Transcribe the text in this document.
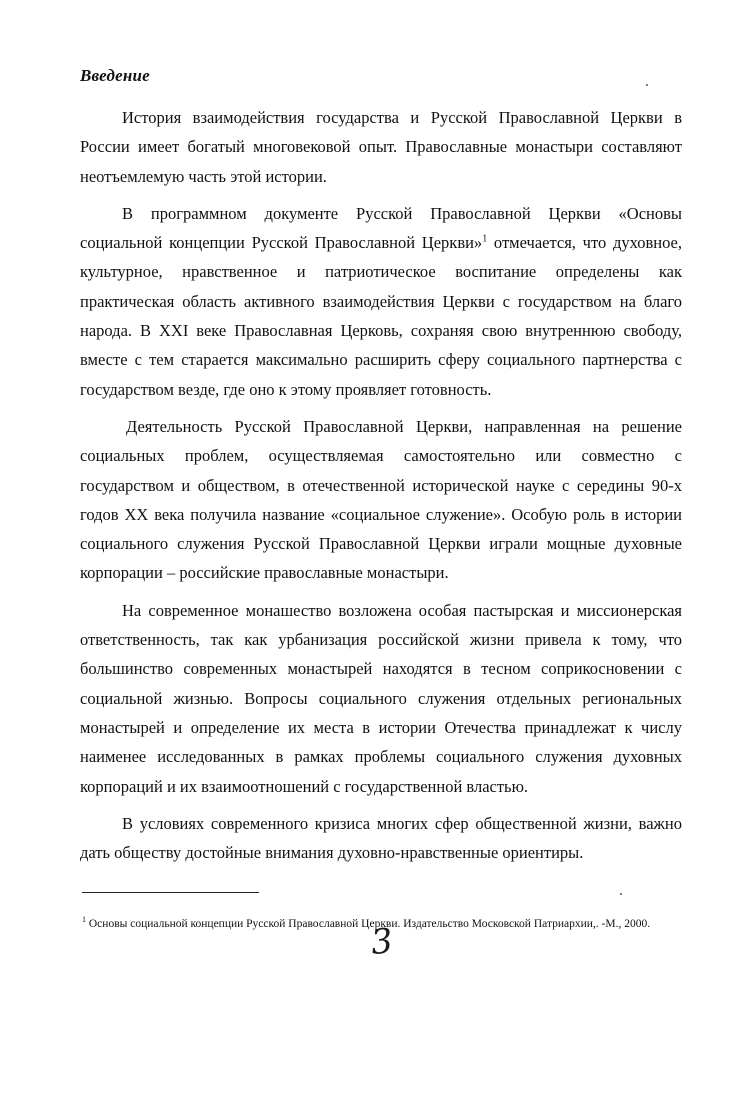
Введение

История взаимодействия государства и Русской Православной Церкви в России имеет богатый многовековой опыт. Православные монастыри составляют неотъемлемую часть этой истории.

В программном документе Русской Православной Церкви «Основы социальной концепции Русской Православной Церкви»$^1$ отмечается, что духовное, культурное, нравственное и патриотическое воспитание определены как практическая область активного взаимодействия Церкви с государством на благо народа. В XXI веке Православная Церковь, сохраняя свою внутреннюю свободу, вместе с тем старается максимально расширить сферу социального партнерства с государством везде, где оно к этому проявляет готовность.

Деятельность Русской Православной Церкви, направленная на решение социальных проблем, осуществляемая самостоятельно или совместно с государством и обществом, в отечественной исторической науке с середины 90-х годов XX века получила название «социальное служение». Особую роль в истории социального служения Русской Православной Церкви играли мощные духовные корпорации – российские православные монастыри.

На современное монашество возложена особая пастырская и миссионерская ответственность, так как урбанизация российской жизни привела к тому, что большинство современных монастырей находятся в тесном соприкосновении с социальной жизнью. Вопросы социального служения отдельных региональных монастырей и определение их места в истории Отечества принадлежат к числу наименее исследованных в рамках проблемы социального служения духовных корпораций и их взаимоотношений с государственной властью.

В условиях современного кризиса многих сфер общественной жизни, важно дать обществу достойные внимания духовно-нравственные ориентиры.

$^1$ Основы социальной концепции Русской Православной Церкви. Издательство Московской Патриархии,. -М., 2000.
3
